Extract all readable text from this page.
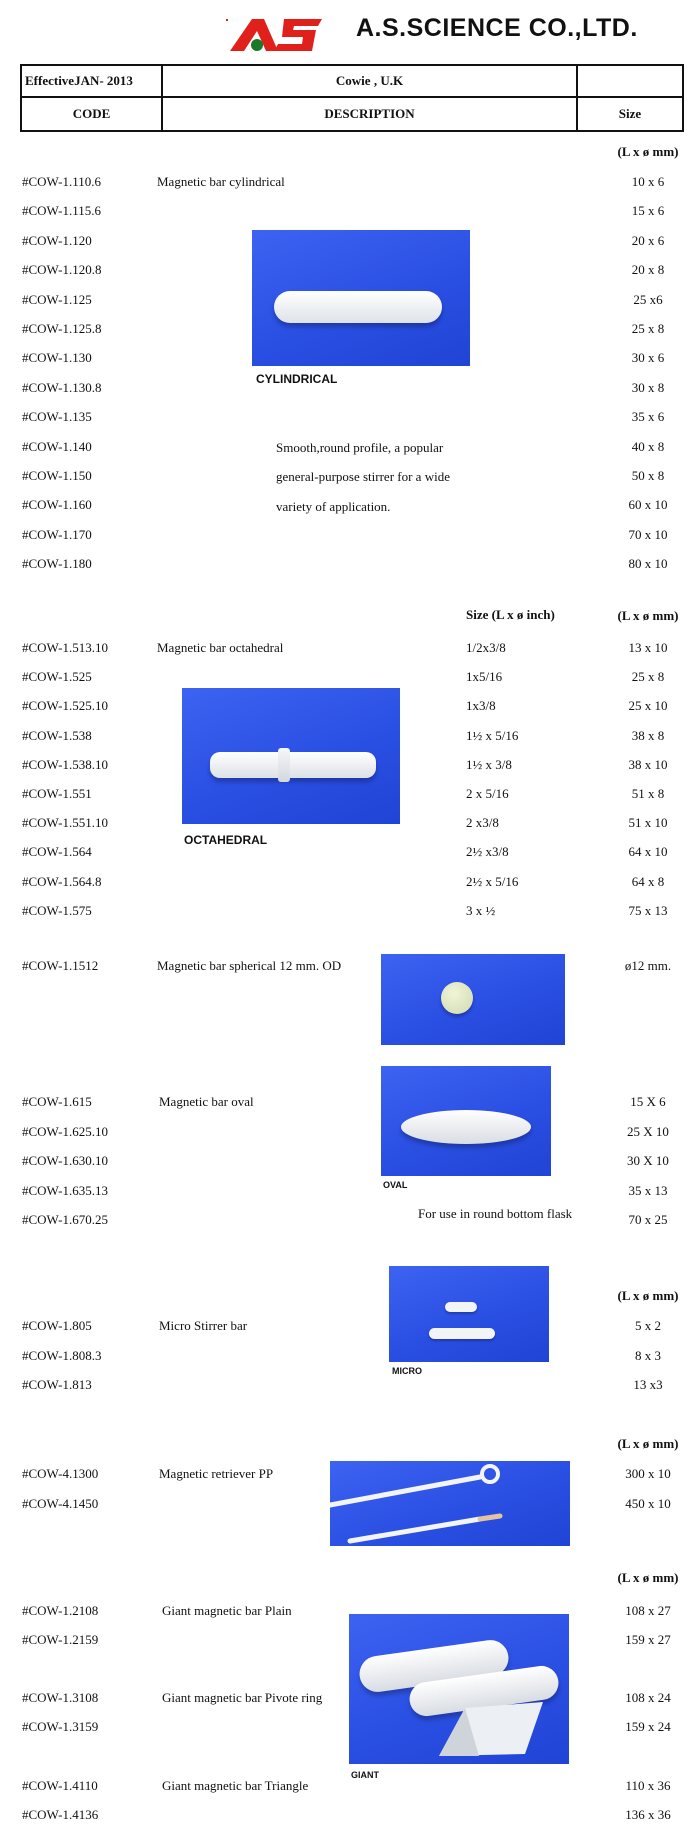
A.S.SCIENCE CO.,LTD.
EffectiveJAN- 2013	Cowie , U.K	
CODE	DESCRIPTION	Size
(L x ø mm)
Magnetic bar cylindrical
#COW-1.110.6	10 x 6
#COW-1.115.6	15 x 6
#COW-1.120	20 x 6
#COW-1.120.8	20 x 8
#COW-1.125	25 x6
#COW-1.125.8	25 x 8
#COW-1.130	30 x 6
#COW-1.130.8	30 x 8
#COW-1.135	35 x 6
#COW-1.140	40 x 8
#COW-1.150	50 x 8
#COW-1.160	60 x 10
#COW-1.170	70 x 10
#COW-1.180	80 x 10
CYLINDRICAL
Smooth,round profile, a popular
general-purpose stirrer for a wide
variety of application.
Size (L x ø inch)	(L x ø mm)
Magnetic bar octahedral
#COW-1.513.10	1/2x3/8	13 x 10
#COW-1.525	1x5/16	25 x 8
#COW-1.525.10	1x3/8	25 x 10
#COW-1.538	1½ x 5/16	38 x 8
#COW-1.538.10	1½ x 3/8	38 x 10
#COW-1.551	2 x 5/16	51 x 8
#COW-1.551.10	2 x3/8	51 x 10
#COW-1.564	2½ x3/8	64 x 10
#COW-1.564.8	2½ x 5/16	64 x 8
#COW-1.575	3 x ½	75 x 13
OCTAHEDRAL
#COW-1.1512	Magnetic bar spherical 12 mm. OD	ø12 mm.
Magnetic bar oval
#COW-1.615	15 X 6
#COW-1.625.10	25 X 10
#COW-1.630.10	30 X 10
#COW-1.635.13	35 x 13
#COW-1.670.25	70 x 25
OVAL
For use in round bottom flask
(L x ø mm)
Micro Stirrer bar
#COW-1.805	5 x 2
#COW-1.808.3	8 x 3
#COW-1.813	13 x3
MICRO
(L x ø mm)
Magnetic retriever PP
#COW-4.1300	300 x 10
#COW-4.1450	450 x 10
(L x ø mm)
#COW-1.2108	Giant magnetic bar Plain	108 x 27
#COW-1.2159	159 x 27
#COW-1.3108	Giant magnetic bar Pivote ring	108 x 24
#COW-1.3159	159 x 24
#COW-1.4110	Giant magnetic bar Triangle	110 x 36
#COW-1.4136	136 x 36
GIANT
